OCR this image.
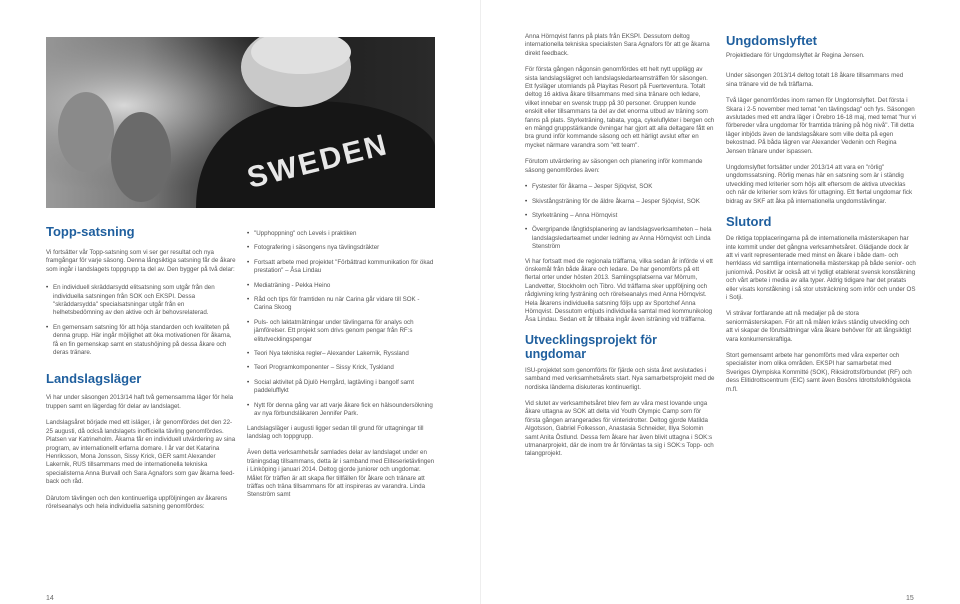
SWEDEN
Topp-satsning

Vi fortsätter vår Topp-satsning som vi ser ger resultat och nya framgångar för varje säsong. Denna långsiktiga satsning får de åkare som ingår i landslagets toppgrupp ta del av. Den bygger på två delar:

• En individuell skräddarsydd elitsatsning som utgår från den individuella satsningen från SOK och EKSPI. Dessa "skräddarsydda" specialsatsningar utgår från en helhetsbedömning av den aktive och är behovsrelaterad.
• En gemensam satsning för att höja standarden och kvaliteten på denna grupp. Här ingår möjlighet att öka motivationen för åkarna, få en fin gemenskap samt en statushöjning på dessa åkare och deras tränare.
Landslagsläger

Vi har under säsongen 2013/14 haft två gemensamma läger för hela truppen samt en lägerdag för delar av landslaget.

Landslagsåret började med ett isläger, i år genomfördes det den 22-25 augusti, då också landslagets inofficiella tävling genomfördes. Platsen var Katrineholm. Åkarna får en individuell utvärdering av sina program, av internationellt erfarna domare. I år var det Katarina Henriksson, Mona Jonsson, Sissy Krick, GER samt Alexander Lakernik, RUS tillsammans med de internationella tekniska specialisterna Anna Burvall och Sara Agnafors som gav åkarna feed-back och råd.

Därutom tävlingen och den kontinuerliga uppföljningen av åkarens rörelseanalys och hela individuella satsning genomfördes:

• "Upphoppning" och Levels i praktiken
• Fotografering i säsongens nya tävlingsdräkter
• Fortsatt arbete med projektet "Förbättrad kommunikation för ökad prestation" – Åsa Lindau
• Mediaträning - Pekka Heino
• Råd och tips för framtiden nu när Carina går vidare till SOK - Carina Skoog
• Puls- och laktatmätningar under tävlingarna för analys och jämförelser. Ett projekt som drivs genom pengar från RF:s elitutvecklingspengar
• Teori Nya tekniska regler– Alexander Lakernik, Ryssland
• Teori Programkomponenter – Sissy Krick, Tyskland
• Social aktivitet på Djulö Herrgård, lagtävling i bangolf samt paddelufflykt
• Nytt för denna gång var att varje åkare fick en hälsoundersökning av nya förbundsläkaren Jennifer Park.

Landslagsläger i augusti ligger sedan till grund för uttagningar till landslag och toppgrupp.

Även detta verksamhetsår samlades delar av landslaget under en träningsdag tillsammans, detta är i samband med Eliteserietävlingen i Linköping i januari 2014. Deltog gjorde juniorer och ungdomar. Målet för träffen är att skapa fler tillfällen för åkare och tränare att träffas och träna tillsammans för att inspireras av varandra. Linda Stenström samt

14

Anna Hörnqvist fanns på plats från EKSPI. Dessutom deltog internationella tekniska specialisten Sara Agnafors för att ge åkarna direkt feedback.

För första gången någonsin genomfördes ett helt nytt upplägg av sista landslagslägret och landslagsledarteamsträffen för säsongen. Ett fysläger utomlands på Playitas Resort på Fuerteventura. Totalt deltog 16 aktiva åkare tillsammans med sina tränare och ledare, vilket innebar en svensk trupp på 30 personer. Gruppen kunde enskilt eller tillsammans ta del av det enorma utbud av träning som fanns på plats. Styrketräning, tabata, yoga, cykeluflykter i bergen och en mängd gruppstärkande övningar har gjort att alla deltagare fått en bra grund inför kommande säsong och ett härligt avslut efter en mycket närmare varandra som "ett team".

Förutom utvärdering av säsongen och planering inför kommande säsong genomfördes även:

• Fystester för åkarna – Jesper Sjöqvist, SOK
• Skivstångsträning för de äldre åkarna – Jesper Sjöqvist, SOK
• Styrketräning – Anna Hörnqvist
• Övergripande långtidsplanering av landslagsverksamheten – hela landslagsledarteamet under ledning av Anna Hörnqvist och Linda Stenström

Vi har fortsatt med de regionala träffarna, vilka sedan år införde vi ett önskemål från både åkare och ledare. De har genomförts på ett flertal orter under hösten 2013. Samlingsplatserna var Mörrum, Landvetter, Stockholm och Tibro. Vid träffarna sker uppföljning och rådgivning kring fysträning och rörelseanalys med Anna Hörnqvist. Hela åkarens individuella satsning följs upp av Sportchef Anna Hörnqvist. Dessutom erbjuds individuella samtal med kommunikolog Åsa Lindau. Sedan ett år tillbaka ingår även isträning vid träffarna.

Utvecklingsprojekt för ungdomar

ISU-projektet som genomförts för fjärde och sista året avslutades i samband med verksamhetsårets start. Nya samarbetsprojekt med de nordiska länderna diskuteras kontinuerligt.

Vid slutet av verksamhetsåret blev fem av våra mest lovande unga åkare uttagna av SOK att delta vid Youth Olympic Camp som för första gången arrangerades för vinteridrotter. Deltog gjorde Matilda Algotsson, Gabriel Folkesson, Anastasia Schneider, Illya Solomin samt Anita Östlund. Dessa fem åkare har även blivit uttagna i SOK:s utmanarprojekt, där de inom tre år förväntas ta sig i SOK:s Topp- och talangprojekt.

Ungdomslyftet

Projektledare för Ungdomslyftet är Regina Jensen.

Under säsongen 2013/14 deltog totalt 18 åkare tillsammans med sina tränare vid de två träffarna.

Två läger genomfördes inom ramen för Ungdomslyftet. Det första i Skara i 2-5 november med temat "en tävlingsdag" och fys. Säsongen avslutades med ett andra läger i Örebro 16-18 maj, med temat "hur vi förbereder våra ungdomar för framtida träning på hög nivå". Till detta läger inbjöds även de landslagsåkare som ville delta på egen bekostnad. På båda lägren var Alexander Vedenin och Regina Jensen tränare under ispassen.

Ungdomslyftet fortsätter under 2013/14 att vara en "rörlig" ungdomssatsning. Rörlig menas här en satsning som är i ständig utveckling med kriterier som höjs allt eftersom de aktiva utvecklas och när de kriterier som krävs för uttagning. Ett flertal ungdomar fick bidrag av SKF att åka på internationella ungdomstävlingar.

Slutord

De riktiga topplaceringarna på de internationella mästerskapen har inte kommit under det gångna verksamhetsåret. Glädjande dock är att vi varit representerade med minst en åkare i både dam- och herrklass vid samtliga internationella mästerskap på både senior- och juniornivå. Positivt är också att vi tydligt etablerat svensk konståkning och vårt arbete i media av alla typer. Aldrig tidigare har det pratats eller visats konståkning i så stor utsträckning som inför och under OS i Sotji.

Vi strävar fortfarande att nå medaljer på de stora seniormästerskapen. För att nå målen krävs ständig utveckling och att vi skapar de förutsättningar våra åkare behöver för att långsiktigt vara konkurrenskraftiga.

Stort gemensamt arbete har genomförts med våra experter och specialister inom olika områden. EKSPI har samarbetat med Sveriges Olympiska Kommitté (SOK), Riksidrottsförbundet (RF) och dess Elitidrottscentrum (EIC) samt även Bosöns Idrottsfolkhögskola m.fl.

15
